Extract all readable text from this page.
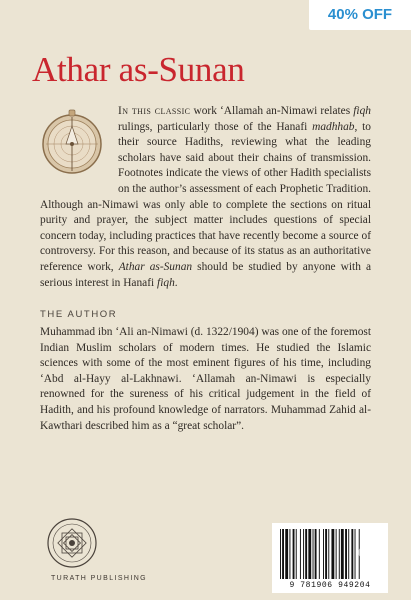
40% OFF
Athar as-Sunan

In this classic work ‘Allamah an-Nimawi relates fiqh rulings, particularly those of the Hanafi madhhab, to their source Hadiths, reviewing what the leading scholars have said about their chains of transmission. Footnotes indicate the views of other Hadith specialists on the author’s assessment of each Prophetic Tradition. Although an-Nimawi was only able to complete the sections on ritual purity and prayer, the subject matter includes questions of special concern today, including practices that have recently become a source of controversy. For this reason, and because of its status as an authoritative reference work, Athar as-Sunan should be studied by anyone with a serious interest in Hanafi fiqh.

THE AUTHOR

Muhammad ibn ‘Ali an-Nimawi (d. 1322/1904) was one of the foremost Indian Muslim scholars of modern times. He studied the Islamic sciences with some of the most eminent figures of his time, including ‘Abd al-Hayy al-Lakhnawi. ‘Allamah an-Nimawi is especially renowned for the sureness of his critical judgement in the field of Hadith, and his profound knowledge of narrators. Muhammad Zahid al-Kawthari described him as a “great scholar”.

TURATH PUBLISHING
9 781906 949204
QAJ
